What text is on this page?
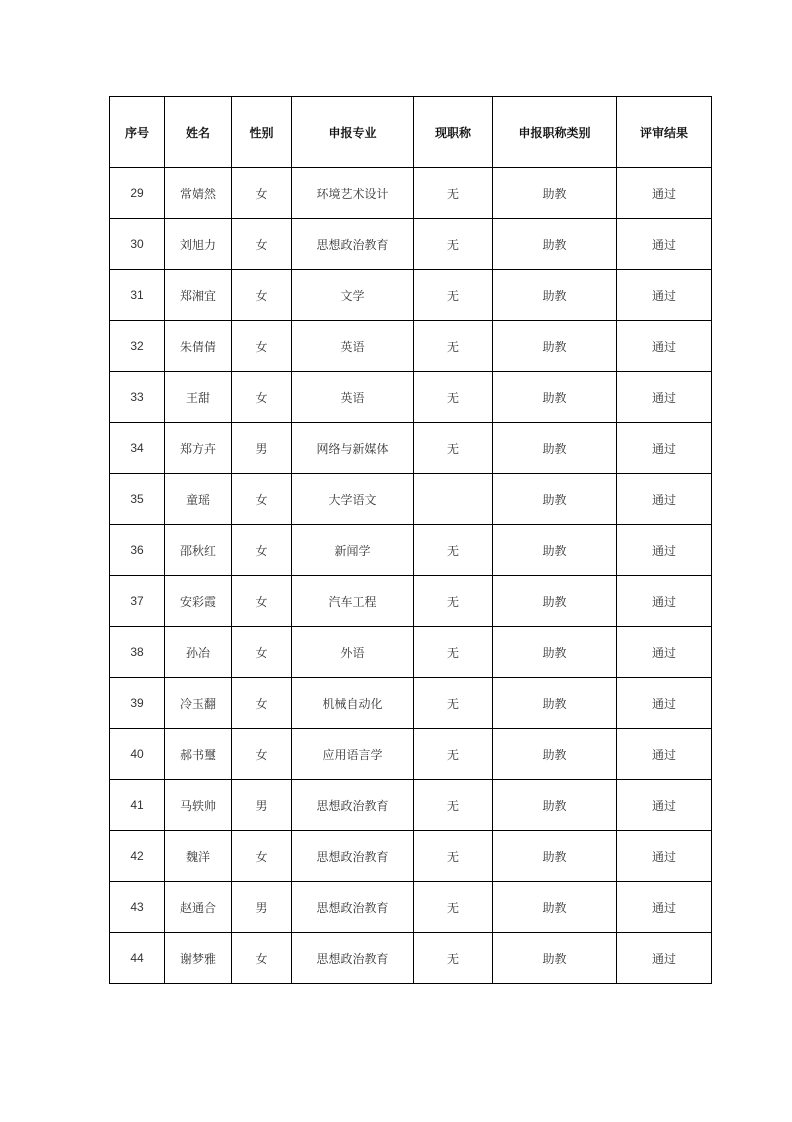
序号	姓名	性别	申报专业	现职称	申报职称类别	评审结果
29	常婧然	女	环境艺术设计	无	助教	通过
30	刘旭力	女	思想政治教育	无	助教	通过
31	郑湘宜	女	文学	无	助教	通过
32	朱倩倩	女	英语	无	助教	通过
33	王甜	女	英语	无	助教	通过
34	郑方卉	男	网络与新媒体	无	助教	通过
35	童瑶	女	大学语文		助教	通过
36	邵秋红	女	新闻学	无	助教	通过
37	安彩霞	女	汽车工程	无	助教	通过
38	孙冶	女	外语	无	助教	通过
39	冷玉翻	女	机械自动化	无	助教	通过
40	郝书璽	女	应用语言学	无	助教	通过
41	马轶帅	男	思想政治教育	无	助教	通过
42	魏洋	女	思想政治教育	无	助教	通过
43	赵通合	男	思想政治教育	无	助教	通过
44	谢梦雅	女	思想政治教育	无	助教	通过
